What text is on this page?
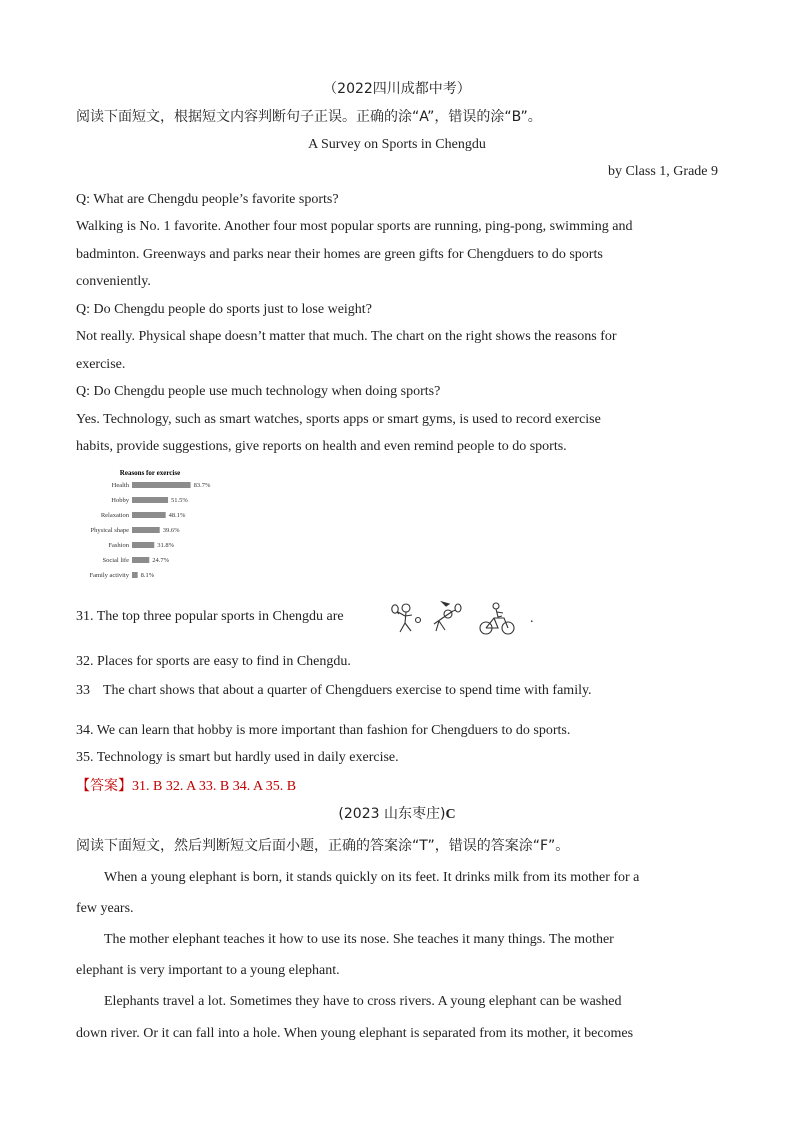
（2022四川成都中考）
阅读下面短文，根据短文内容判断句子正误。正确的涂“A”，错误的涂“B”。
A Survey on Sports in Chengdu
by Class 1, Grade 9
Q: What are Chengdu people’s favorite sports?
Walking is No. 1 favorite. Another four most popular sports are running, ping-pong, swimming and
badminton. Greenways and parks near their homes are green gifts for Chengduers to do sports
conveniently.
Q: Do Chengdu people do sports just to lose weight?
Not really. Physical shape doesn’t matter that much. The chart on the right shows the reasons for
exercise.
Q: Do Chengdu people use much technology when doing sports?
Yes. Technology, such as smart watches, sports apps or smart gyms, is used to record exercise
habits, provide suggestions, give reports on health and even remind people to do sports.
Reasons for exercise
Health	83.7%
Hobby	51.5%
Relaxation	48.1%
Physical shape	39.6%
Fashion	31.8%
Social life	24.7%
Family activity 8.1%
31. The top three popular sports in Chengdu are	.
32. Places for sports are easy to find in Chengdu.
33 The chart shows that about a quarter of Chengduers exercise to spend time with family.
34. We can learn that hobby is more important than fashion for Chengduers to do sports.
35. Technology is smart but hardly used in daily exercise.
【答案】31. B 32. A 33. B 34. A 35. B
(2023 山东枣庄)C
阅读下面短文，然后判断短文后面小题，正确的答案涂“T”，错误的答案涂“F”。
When a young elephant is born, it stands quickly on its feet. It drinks milk from its mother for a
few years.
The mother elephant teaches it how to use its nose. She teaches it many things. The mother
elephant is very important to a young elephant.
Elephants travel a lot. Sometimes they have to cross rivers. A young elephant can be washed
down river. Or it can fall into a hole. When young elephant is separated from its mother, it becomes
